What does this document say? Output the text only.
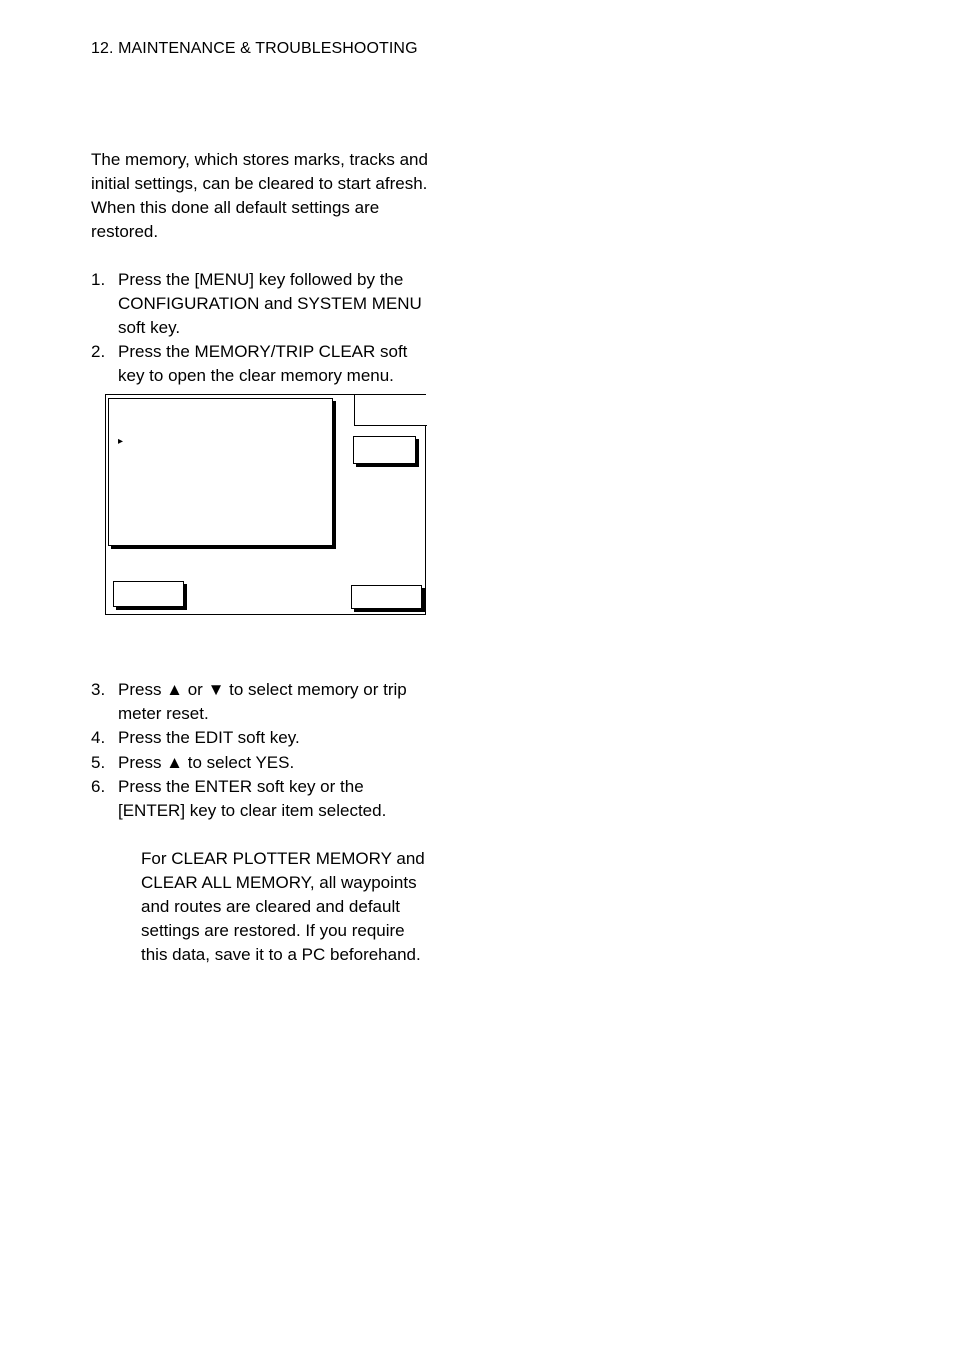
12. MAINTENANCE & TROUBLESHOOTING
The memory, which stores marks, tracks and
initial settings, can be cleared to start afresh.
When this done all default settings are
restored.
1. Press the [MENU] key followed by the
CONFIGURATION and SYSTEM MENU
soft key.
2. Press the MEMORY/TRIP CLEAR soft
key to open the clear memory menu.
▸
3. Press ▲ or ▼ to select memory or trip
meter reset.
4. Press the EDIT soft key.
5. Press ▲ to select YES.
6. Press the ENTER soft key or the
[ENTER] key to clear item selected.
For CLEAR PLOTTER MEMORY and
CLEAR ALL MEMORY, all waypoints
and routes are cleared and default
settings are restored. If you require
this data, save it to a PC beforehand.
